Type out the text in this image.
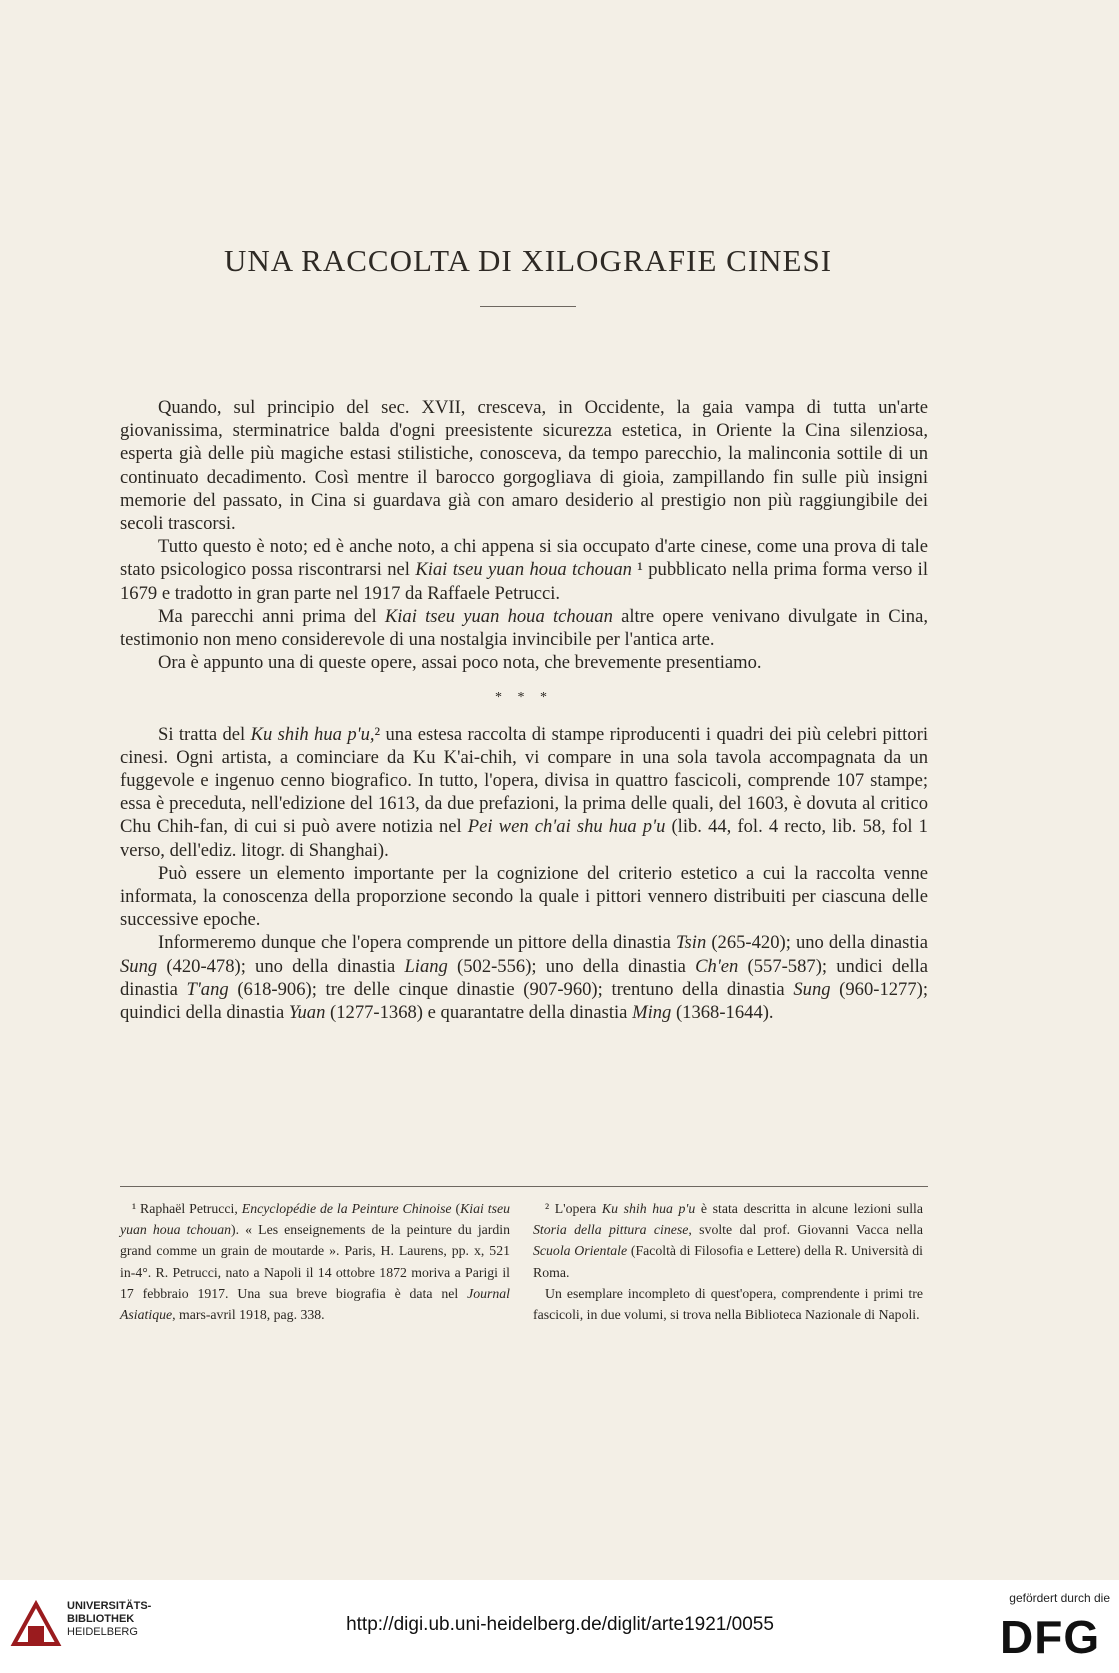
UNA RACCOLTA DI XILOGRAFIE CINESI

Quando, sul principio del sec. XVII, cresceva, in Occidente, la gaia vampa di tutta un'arte giovanissima, sterminatrice balda d'ogni preesistente sicurezza estetica, in Oriente la Cina silenziosa, esperta già delle più magiche estasi stilistiche, conosceva, da tempo parecchio, la malinconia sottile di un continuato decadimento. Così mentre il barocco gorgogliava di gioia, zampillando fin sulle più insigni memorie del passato, in Cina si guardava già con amaro desiderio al prestigio non più raggiungibile dei secoli trascorsi.

Tutto questo è noto; ed è anche noto, a chi appena si sia occupato d'arte cinese, come una prova di tale stato psicologico possa riscontrarsi nel Kiai tseu yuan houa tchouan ¹ pubblicato nella prima forma verso il 1679 e tradotto in gran parte nel 1917 da Raffaele Petrucci.

Ma parecchi anni prima del Kiai tseu yuan houa tchouan altre opere venivano divulgate in Cina, testimonio non meno considerevole di una nostalgia invincibile per l'antica arte.

Ora è appunto una di queste opere, assai poco nota, che brevemente presentiamo.

* * *

Si tratta del Ku shih hua p'u,² una estesa raccolta di stampe riproducenti i quadri dei più celebri pittori cinesi. Ogni artista, a cominciare da Ku K'ai-chih, vi compare in una sola tavola accompagnata da un fuggevole e ingenuo cenno biografico. In tutto, l'opera, divisa in quattro fascicoli, comprende 107 stampe; essa è preceduta, nell'edizione del 1613, da due prefazioni, la prima delle quali, del 1603, è dovuta al critico Chu Chih-fan, di cui si può avere notizia nel Pei wen ch'ai shu hua p'u (lib. 44, fol. 4 recto, lib. 58, fol 1 verso, dell'ediz. litogr. di Shanghai).

Può essere un elemento importante per la cognizione del criterio estetico a cui la raccolta venne informata, la conoscenza della proporzione secondo la quale i pittori vennero distribuiti per ciascuna delle successive epoche.

Informeremo dunque che l'opera comprende un pittore della dinastia Tsin (265-420); uno della dinastia Sung (420-478); uno della dinastia Liang (502-556); uno della dinastia Ch'en (557-587); undici della dinastia T'ang (618-906); tre delle cinque dinastie (907-960); trentuno della dinastia Sung (960-1277); quindici della dinastia Yuan (1277-1368) e quarantatre della dinastia Ming (1368-1644).

¹ Raphaël Petrucci, Encyclopédie de la Peinture Chinoise (Kiai tseu yuan houa tchouan). « Les enseignements de la peinture du jardin grand comme un grain de moutarde ». Paris, H. Laurens, pp. x, 521 in-4°. R. Petrucci, nato a Napoli il 14 ottobre 1872 moriva a Parigi il 17 febbraio 1917. Una sua breve biografia è data nel Journal Asiatique, mars-avril 1918, pag. 338.

² L'opera Ku shih hua p'u è stata descritta in alcune lezioni sulla Storia della pittura cinese, svolte dal prof. Giovanni Vacca nella Scuola Orientale (Facoltà di Filosofia e Lettere) della R. Università di Roma.

Un esemplare incompleto di quest'opera, comprendente i primi tre fascicoli, in due volumi, si trova nella Biblioteca Nazionale di Napoli.

UNIVERSITÄTS-
BIBLIOTHEK
HEIDELBERG	http://digi.ub.uni-heidelberg.de/diglit/arte1921/0055
gefördert durch die
DFG
